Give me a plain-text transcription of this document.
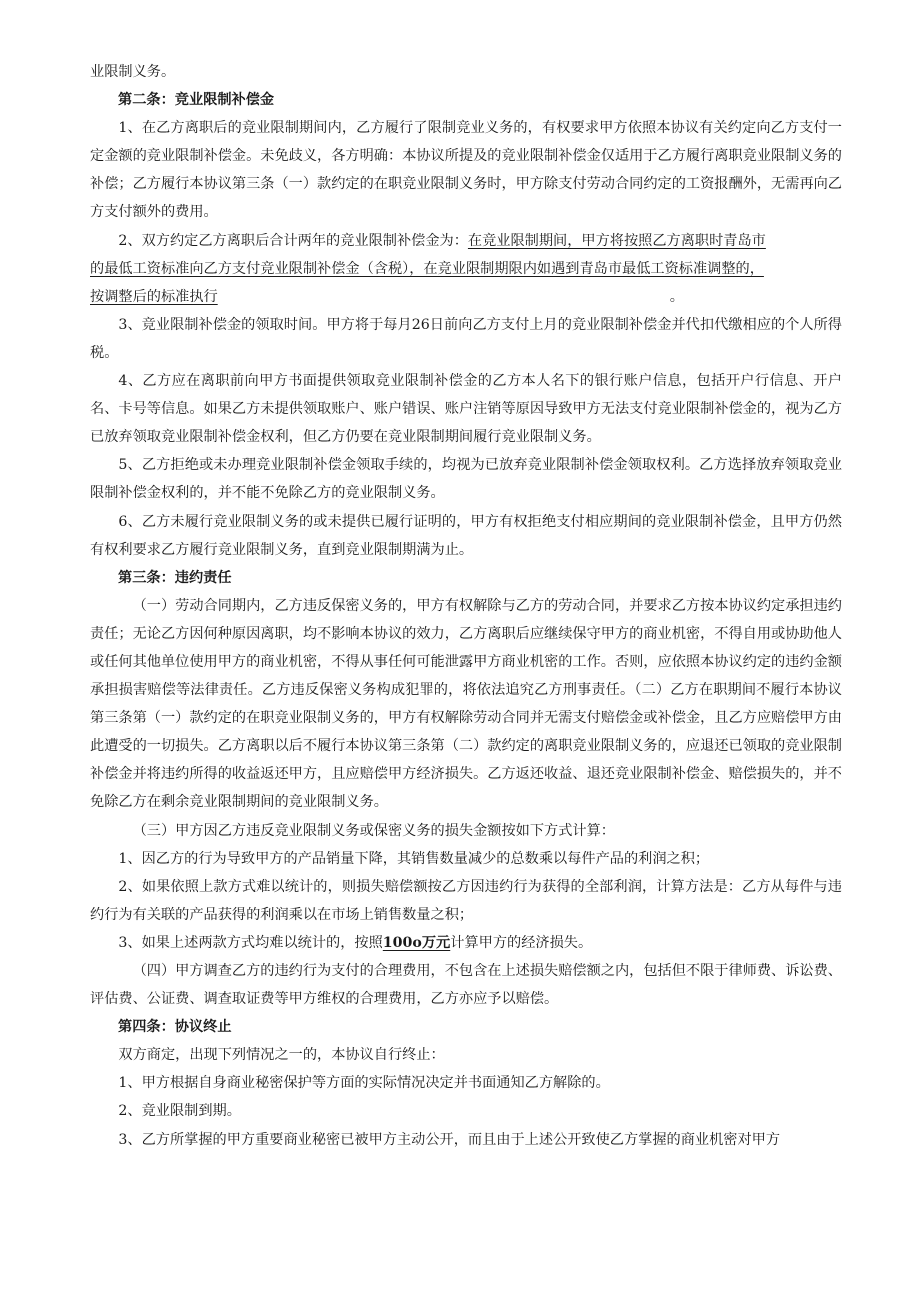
业限制义务。

第二条：竞业限制补偿金

1、在乙方离职后的竞业限制期间内，乙方履行了限制竞业义务的，有权要求甲方依照本协议有关约定向乙方支付一定金额的竞业限制补偿金。未免歧义，各方明确：本协议所提及的竞业限制补偿金仅适用于乙方履行离职竞业限制义务的补偿；乙方履行本协议第三条（一）款约定的在职竞业限制义务时，甲方除支付劳动合同约定的工资报酬外，无需再向乙方支付额外的费用。

2、双方约定乙方离职后合计两年的竞业限制补偿金为：在竞业限制期间，甲方将按照乙方离职时青岛市

的最低工资标准向乙方支付竞业限制补偿金（含税），在竞业限制期限内如遇到青岛市最低工资标准调整的，

按调整后的标准执行	。

3、竞业限制补偿金的领取时间。甲方将于每月26日前向乙方支付上月的竞业限制补偿金并代扣代缴相应的个人所得税。

4、乙方应在离职前向甲方书面提供领取竞业限制补偿金的乙方本人名下的银行账户信息，包括开户行信息、开户名、卡号等信息。如果乙方未提供领取账户、账户错误、账户注销等原因导致甲方无法支付竞业限制补偿金的，视为乙方已放弃领取竞业限制补偿金权利，但乙方仍要在竞业限制期间履行竞业限制义务。

5、乙方拒绝或未办理竞业限制补偿金领取手续的，均视为已放弃竞业限制补偿金领取权利。乙方选择放弃领取竞业限制补偿金权利的，并不能不免除乙方的竞业限制义务。

6、乙方未履行竞业限制义务的或未提供已履行证明的，甲方有权拒绝支付相应期间的竞业限制补偿金，且甲方仍然有权利要求乙方履行竞业限制义务，直到竞业限制期满为止。

第三条：违约责任

（一）劳动合同期内，乙方违反保密义务的，甲方有权解除与乙方的劳动合同，并要求乙方按本协议约定承担违约责任；无论乙方因何种原因离职，均不影响本协议的效力，乙方离职后应继续保守甲方的商业机密，不得自用或协助他人或任何其他单位使用甲方的商业机密，不得从事任何可能泄露甲方商业机密的工作。否则，应依照本协议约定的违约金额承担损害赔偿等法律责任。乙方违反保密义务构成犯罪的，将依法追究乙方刑事责任。（二）乙方在职期间不履行本协议第三条第（一）款约定的在职竞业限制义务的，甲方有权解除劳动合同并无需支付赔偿金或补偿金，且乙方应赔偿甲方由此遭受的一切损失。乙方离职以后不履行本协议第三条第（二）款约定的离职竞业限制义务的，应退还已领取的竞业限制补偿金并将违约所得的收益返还甲方，且应赔偿甲方经济损失。乙方返还收益、退还竞业限制补偿金、赔偿损失的，并不免除乙方在剩余竞业限制期间的竞业限制义务。

（三）甲方因乙方违反竞业限制义务或保密义务的损失金额按如下方式计算：

1、因乙方的行为导致甲方的产品销量下降，其销售数量减少的总数乘以每件产品的利润之积；

2、如果依照上款方式难以统计的，则损失赔偿额按乙方因违约行为获得的全部利润，计算方法是：乙方从每件与违约行为有关联的产品获得的利润乘以在市场上销售数量之积；

3、如果上述两款方式均难以统计的，按照100o万元计算甲方的经济损失。

（四）甲方调查乙方的违约行为支付的合理费用，不包含在上述损失赔偿额之内，包括但不限于律师费、诉讼费、评估费、公证费、调查取证费等甲方维权的合理费用，乙方亦应予以赔偿。

第四条：协议终止

双方商定，出现下列情况之一的，本协议自行终止：

1、甲方根据自身商业秘密保护等方面的实际情况决定并书面通知乙方解除的。

2、竞业限制到期。

3、乙方所掌握的甲方重要商业秘密已被甲方主动公开，而且由于上述公开致使乙方掌握的商业机密对甲方
